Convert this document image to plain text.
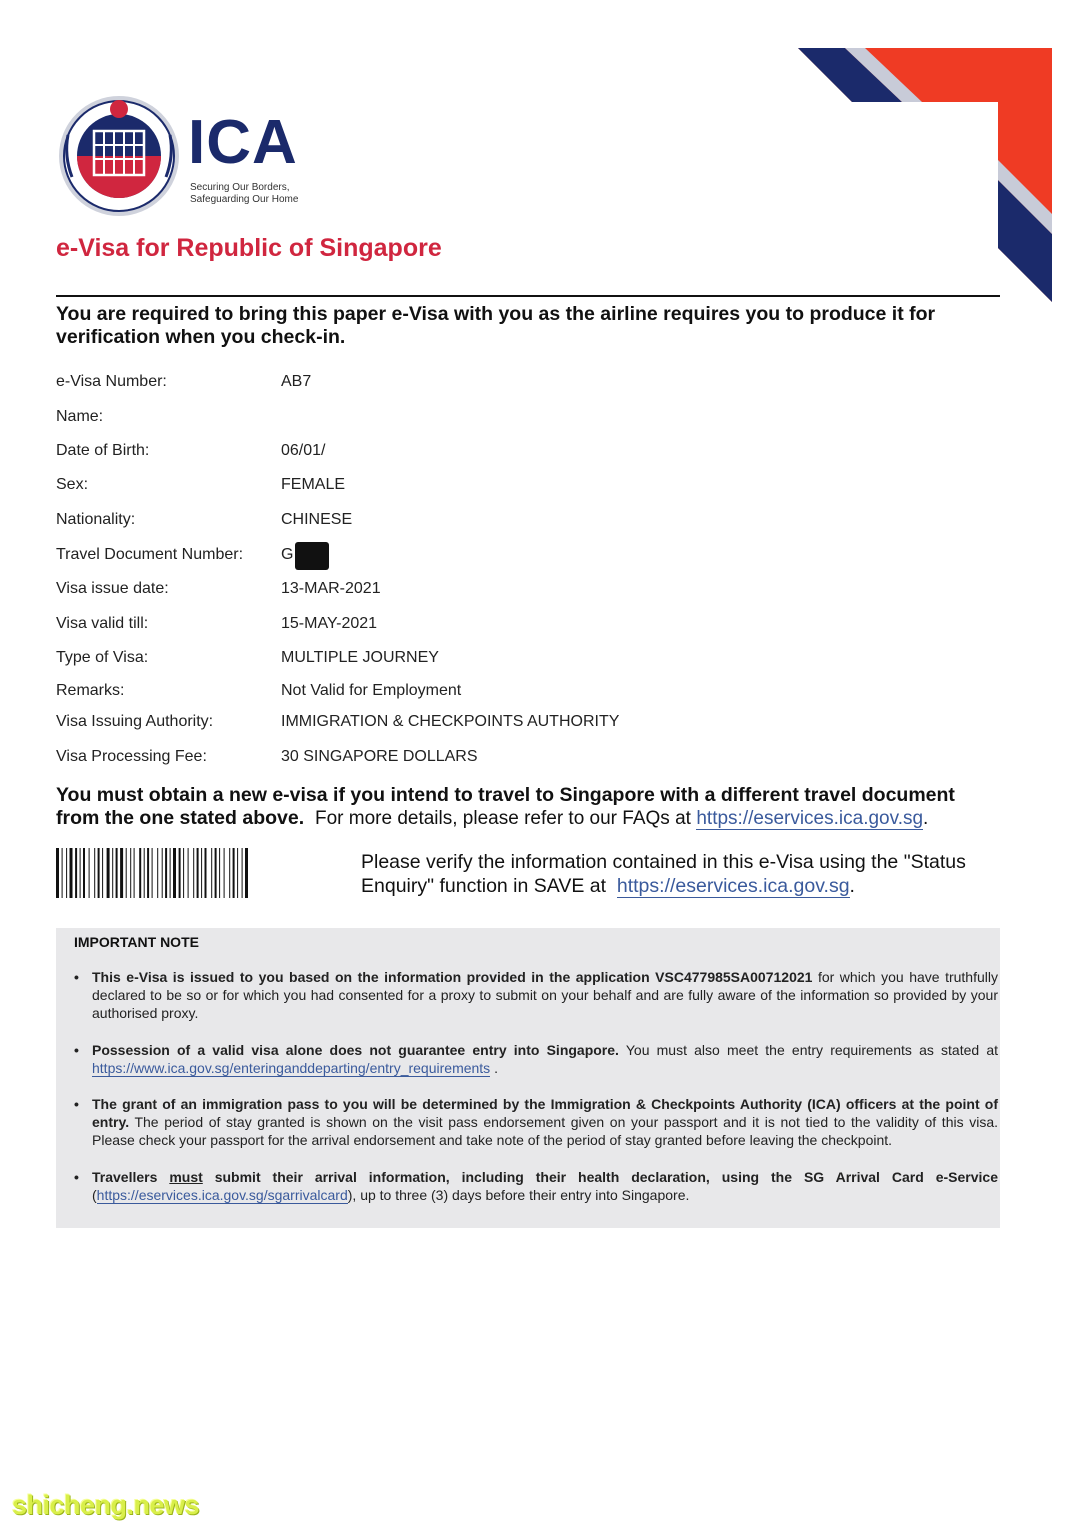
ICA
Securing Our Borders,
Safeguarding Our Home
e-Visa for Republic of Singapore
You are required to bring this paper e-Visa with you as the airline requires you to produce it for verification when you check-in.
e-Visa Number:	AB7
Name:
Date of Birth:	06/01/
Sex:	FEMALE
Nationality:	CHINESE
Travel Document Number:	G
Visa issue date:	13-MAR-2021
Visa valid till:	15-MAY-2021
Type of Visa:	MULTIPLE JOURNEY
Remarks:	Not Valid for Employment
Visa Issuing Authority:	IMMIGRATION & CHECKPOINTS AUTHORITY
Visa Processing Fee:	30 SINGAPORE DOLLARS
You must obtain a new e-visa if you intend to travel to Singapore with a different travel document from the one stated above. For more details, please refer to our FAQs at https://eservices.ica.gov.sg.
Please verify the information contained in this e-Visa using the "Status Enquiry" function in SAVE at https://eservices.ica.gov.sg.
IMPORTANT NOTE
• This e-Visa is issued to you based on the information provided in the application VSC477985SA00712021 for which you have truthfully declared to be so or for which you had consented for a proxy to submit on your behalf and are fully aware of the information so provided by your authorised proxy.
• Possession of a valid visa alone does not guarantee entry into Singapore. You must also meet the entry requirements as stated at https://www.ica.gov.sg/enteringanddeparting/entry_requirements .
• The grant of an immigration pass to you will be determined by the Immigration & Checkpoints Authority (ICA) officers at the point of entry. The period of stay granted is shown on the visit pass endorsement given on your passport and it is not tied to the validity of this visa. Please check your passport for the arrival endorsement and take note of the period of stay granted before leaving the checkpoint.
• Travellers must submit their arrival information, including their health declaration, using the SG Arrival Card e-Service (https://eservices.ica.gov.sg/sgarrivalcard), up to three (3) days before their entry into Singapore.
shicheng.news
